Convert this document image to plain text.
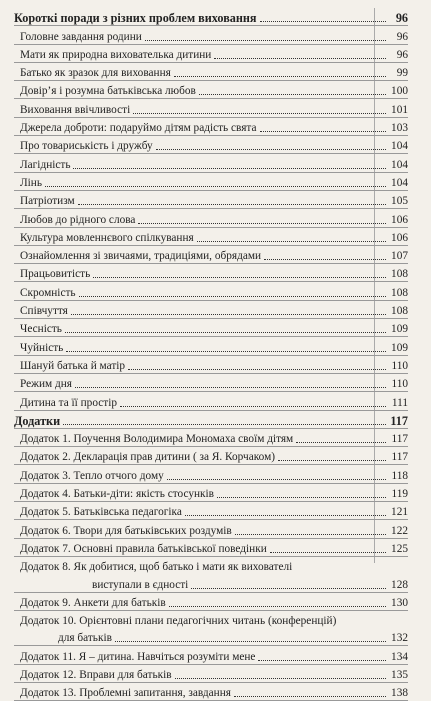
Короткі поради з різних проблем виховання	96
Головне завдання родини	96
Мати як природна вихователька дитини	96
Батько як зразок для виховання	99
Довір’я і розумна батьківська любов	100
Виховання ввічливості	101
Джерела доброти: подаруймо дітям радість свята	103
Про товариськість і дружбу	104
Лагідність	104
Лінь	104
Патріотизм	105
Любов до рідного слова	106
Культура мовленнєвого спілкування	106
Ознайомлення зі звичаями, традиціями, обрядами	107
Працьовитість	108
Скромність	108
Співчуття	108
Чесність	109
Чуйність	109
Шануй батька й матір	110
Режим дня	110
Дитина та її простір	111
Додатки	117
Додаток 1. Поучення Володимира Мономаха своїм дітям	117
Додаток 2. Декларація прав дитини ( за Я. Корчаком)	117
Додаток 3. Тепло отчого дому	118
Додаток 4. Батьки-діти: якість стосунків	119
Додаток 5. Батьківська педагогіка	121
Додаток 6. Твори для батьківських роздумів	122
Додаток 7. Основні правила батьківської поведінки	125
Додаток 8. Як добитися, щоб батько і мати як вихователі
виступали в єдності	128
Додаток 9. Анкети для батьків	130
Додаток 10. Орієнтовні плани педагогічних читань (конференцій)
для батьків	132
Додаток 11. Я – дитина. Навчіться розуміти мене	134
Додаток 12. Вправи для батьків	135
Додаток 13. Проблемні запитання, завдання	138
